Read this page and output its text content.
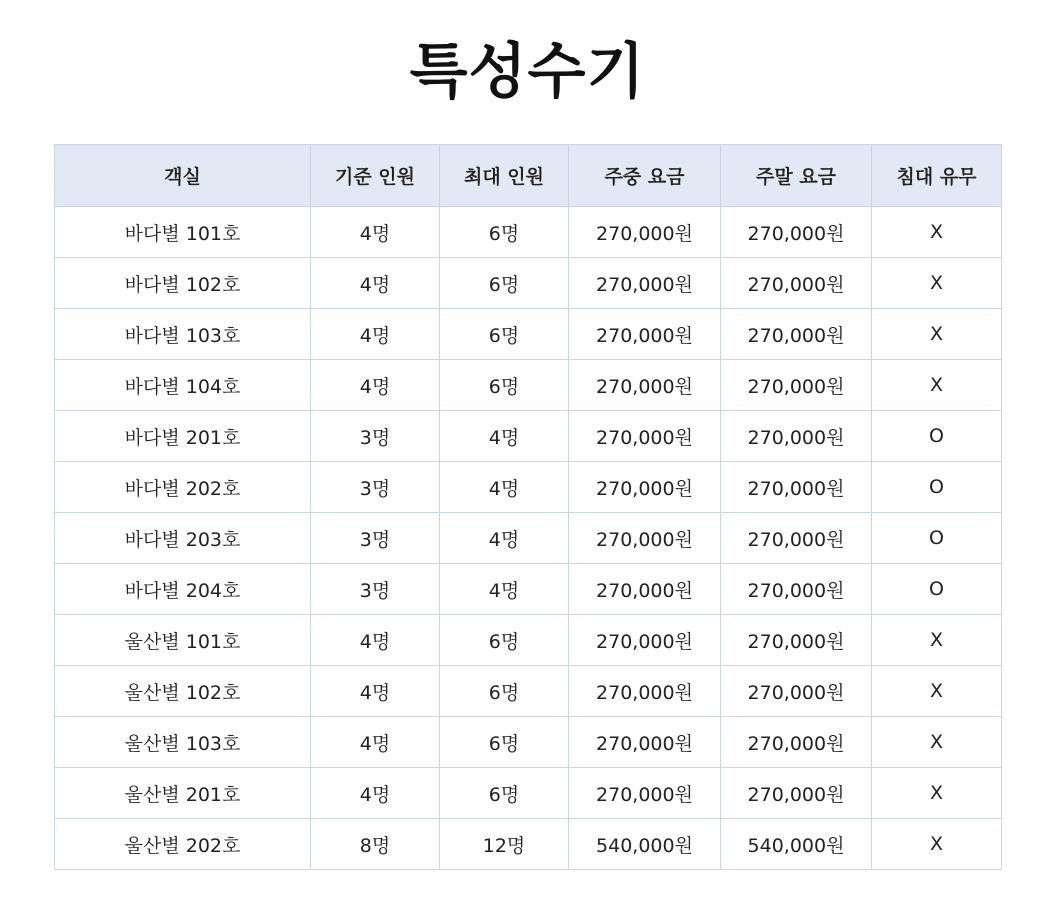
특성수기
객실	기준 인원	최대 인원	주중 요금	주말 요금	침대 유무
바다별 101호	4명	6명	270,000원	270,000원	X
바다별 102호	4명	6명	270,000원	270,000원	X
바다별 103호	4명	6명	270,000원	270,000원	X
바다별 104호	4명	6명	270,000원	270,000원	X
바다별 201호	3명	4명	270,000원	270,000원	O
바다별 202호	3명	4명	270,000원	270,000원	O
바다별 203호	3명	4명	270,000원	270,000원	O
바다별 204호	3명	4명	270,000원	270,000원	O
울산별 101호	4명	6명	270,000원	270,000원	X
울산별 102호	4명	6명	270,000원	270,000원	X
울산별 103호	4명	6명	270,000원	270,000원	X
울산별 201호	4명	6명	270,000원	270,000원	X
울산별 202호	8명	12명	540,000원	540,000원	X
